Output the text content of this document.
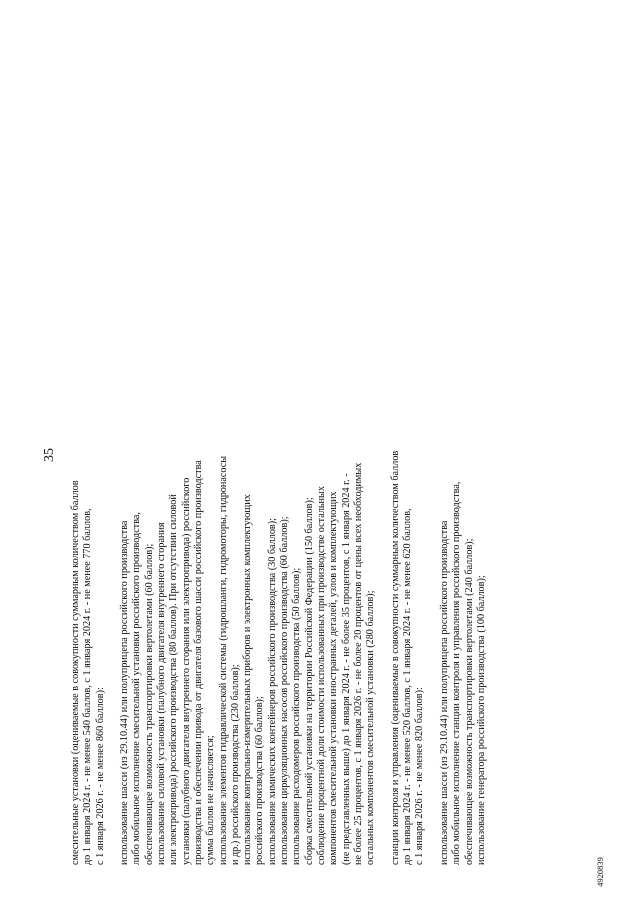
35
смесительные установки (оцениваемые в совокупности суммарным количеством баллов до 1 января 2024 г. - не менее 540 баллов, с 1 января 2024 г. - не менее 770 баллов, с 1 января 2026 г. - не менее 860 баллов): использование шасси (из 29.10.44) или полуприцепа российского производства либо мобильное исполнение смесительной установки российского производства, обеспечивающее возможность транспортировки вертолетами (60 баллов); использование силовой установки (палубного двигателя внутреннего сгорания или электропривода) российского производства (80 баллов). При отсутствии силовой установки (палубного двигателя внутреннего сгорания или электропривода) российского производства и обеспечении привода от двигателя базового шасси российского производства сумма баллов не начисляется; использование элементов гидравлической системы (гидрошланги, гидромоторы, гидронасосы и др.) российского производства (230 баллов); использование контрольно-измерительных приборов и электронных комплектующих российского производства (60 баллов); использование химических контейнеров российского производства (30 баллов); использование циркуляционных насосов российского производства (60 баллов); использование расходомеров российского производства (50 баллов); сборка смесительной установки на территории Российской Федерации (150 баллов); соблюдение процентной доли стоимости использованных при производстве остальных компонентов смесительной установки иностранных деталей, узлов и комплектующих (не представленных выше) до 1 января 2024 г. - не более 35 процентов, с 1 января 2024 г. - не более 25 процентов, с 1 января 2026 г. - не более 20 процентов от цены всех необходимых остальных компонентов смесительной установки (280 баллов); станции контроля и управления (оцениваемые в совокупности суммарным количеством баллов до 1 января 2024 г. - не менее 520 баллов, с 1 января 2024 г. - не менее 620 баллов, с 1 января 2026 г. - не менее 820 баллов): использование шасси (из 29.10.44) или полуприцепа российского производства либо мобильное исполнение станции контроля и управления российского производства, обеспечивающее возможность транспортировки вертолетами (240 баллов); использование генератора российского производства (100 баллов);
4920839
